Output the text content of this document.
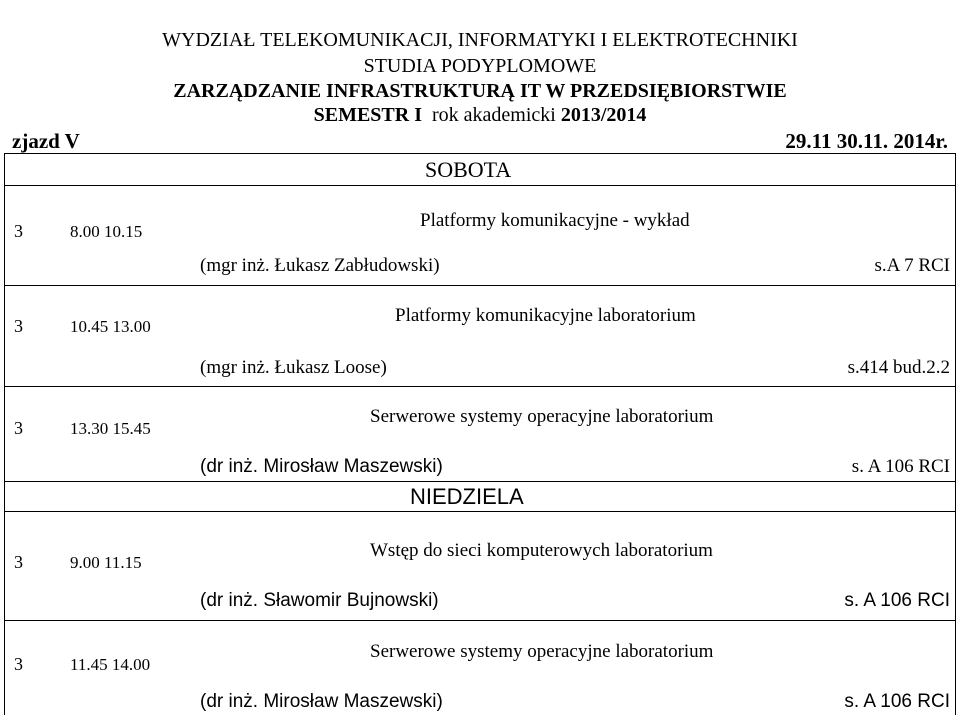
WYDZIAŁ TELEKOMUNIKACJI, INFORMATYKI I ELEKTROTECHNIKI
STUDIA PODYPLOMOWE
ZARZĄDZANIE INFRASTRUKTURĄ IT W PRZEDSIĘBIORSTWIE
SEMESTR I rok akademicki 2013/2014
zjazd V	29.11 30.11. 2014r.
SOBOTA
3	8.00 10.15
Platformy komunikacyjne - wykład
(mgr inż. Łukasz Zabłudowski)	s.A 7 RCI
3	10.45 13.00
Platformy komunikacyjne laboratorium
(mgr inż. Łukasz Loose)	s.414 bud.2.2
3	13.30 15.45
Serwerowe systemy operacyjne laboratorium
(dr inż. Mirosław Maszewski)	s. A 106 RCI
NIEDZIELA
3	9.00 11.15
Wstęp do sieci komputerowych laboratorium
(dr inż. Sławomir Bujnowski)	s. A 106 RCI
3	11.45 14.00
Serwerowe systemy operacyjne laboratorium
(dr inż. Mirosław Maszewski)	s. A 106 RCI
